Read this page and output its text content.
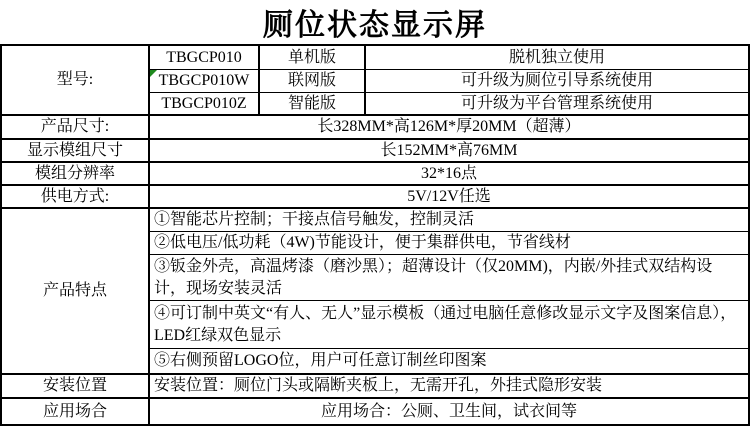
厕位状态显示屏
型号:
TBGCP010	单机版	脱机独立使用
TBGCP010W	联网版	可升级为厕位引导系统使用
TBGCP010Z	智能版	可升级为平台管理系统使用
产品尺寸:	长328MM*高126M*厚20MM（超薄）
显示模组尺寸	长152MM*高76MM
模组分辨率	32*16点
供电方式:	5V/12V任选
产品特点
①智能芯片控制；干接点信号触发，控制灵活
②低电压/低功耗（4W)节能设计，便于集群供电，节省线材
③钣金外壳，高温烤漆（磨沙黑）；超薄设计（仅20MM)，内嵌/外挂式双结构设计，现场安装灵活
④可订制中英文“有人、无人”显示模板（通过电脑任意修改显示文字及图案信息），LED红绿双色显示
⑤右侧预留LOGO位，用户可任意订制丝印图案
安装位置	安装位置：厕位门头或隔断夹板上，无需开孔，外挂式隐形安装
应用场合	应用场合：公厕、卫生间，试衣间等
